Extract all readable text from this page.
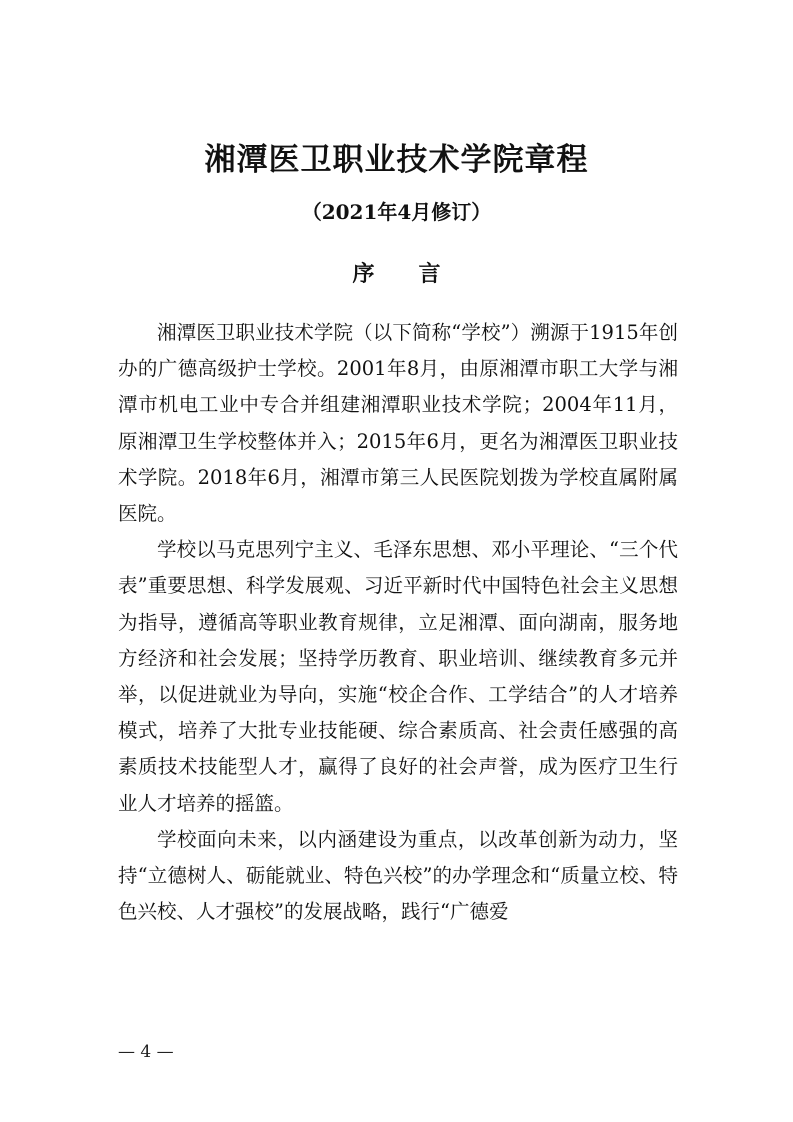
湘潭医卫职业技术学院章程
（2021年4月修订）
序言

湘潭医卫职业技术学院（以下简称“学校”）溯源于1915年创办的广德高级护士学校。2001年8月，由原湘潭市职工大学与湘潭市机电工业中专合并组建湘潭职业技术学院；2004年11月，原湘潭卫生学校整体并入；2015年6月，更名为湘潭医卫职业技术学院。2018年6月，湘潭市第三人民医院划拨为学校直属附属医院。

学校以马克思列宁主义、毛泽东思想、邓小平理论、“三个代表”重要思想、科学发展观、习近平新时代中国特色社会主义思想为指导，遵循高等职业教育规律，立足湘潭、面向湖南，服务地方经济和社会发展；坚持学历教育、职业培训、继续教育多元并举，以促进就业为导向，实施“校企合作、工学结合”的人才培养模式，培养了大批专业技能硬、综合素质高、社会责任感强的高素质技术技能型人才，赢得了良好的社会声誉，成为医疗卫生行业人才培养的摇篮。

学校面向未来，以内涵建设为重点，以改革创新为动力，坚持“立德树人、砺能就业、特色兴校”的办学理念和“质量立校、特色兴校、人才强校”的发展战略，践行“广德爱

— 4 —
